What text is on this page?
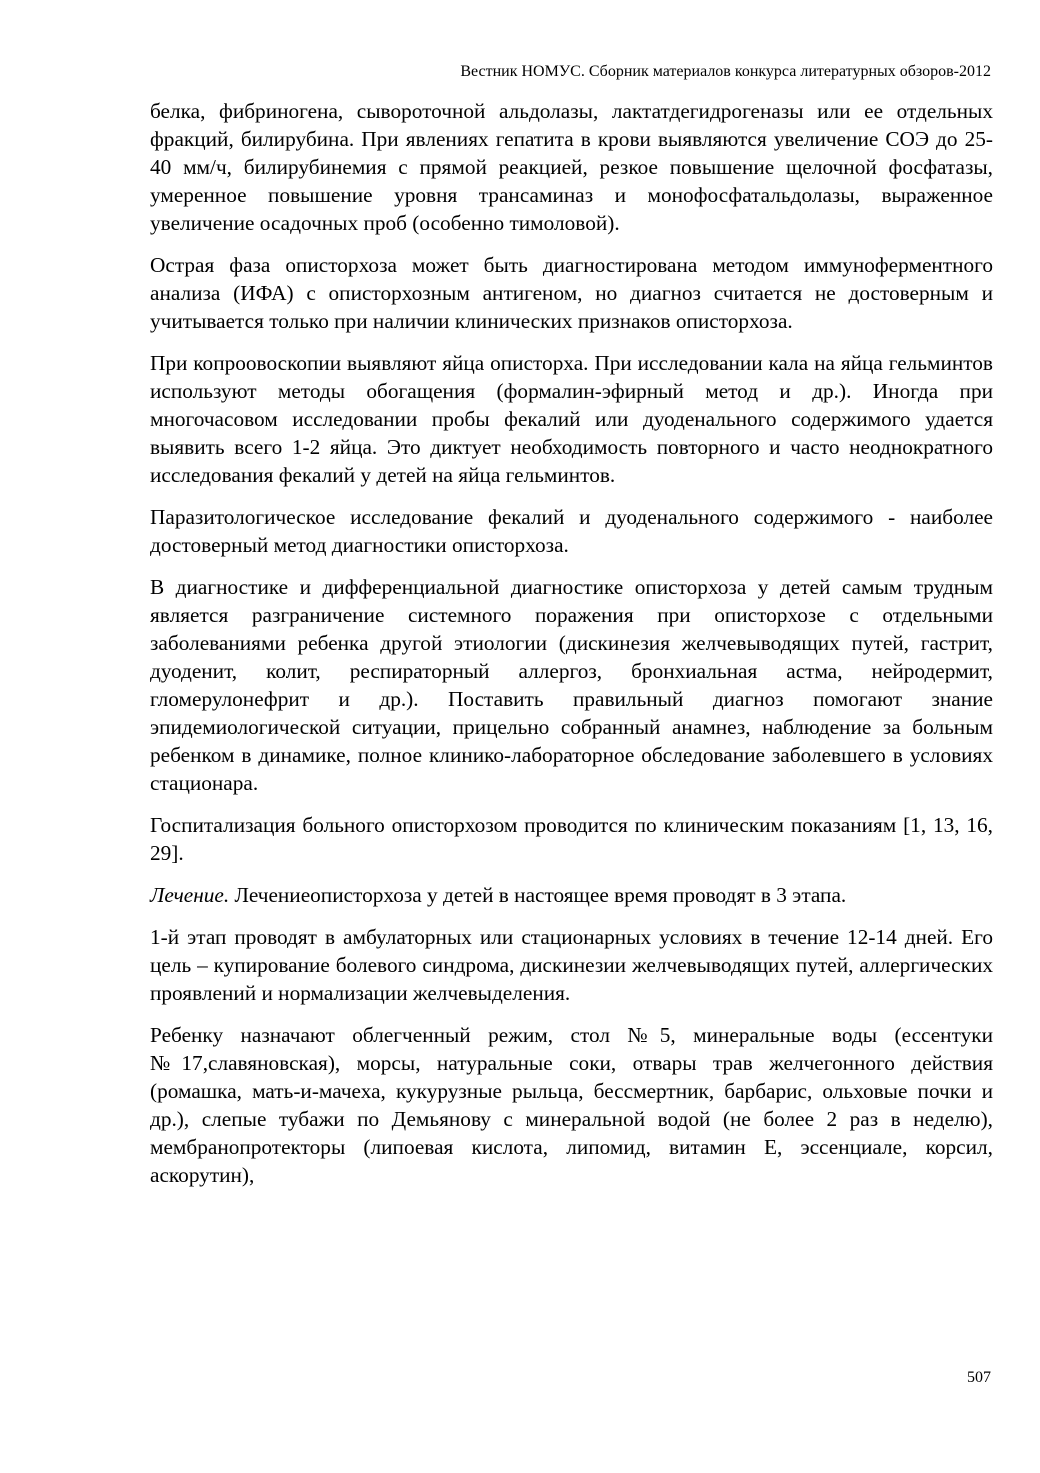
Вестник НОМУС. Сборник материалов конкурса литературных обзоров-2012

белка, фибриногена, сывороточной альдолазы, лактатдегидрогеназы или ее отдельных фракций, билирубина. При явлениях гепатита в крови выявляются увеличение СОЭ до 25-40 мм/ч, билирубинемия с прямой реакцией, резкое повышение щелочной фосфатазы, умеренное повышение уровня трансаминаз и монофосфатальдолазы, выраженное увеличение осадочных проб (особенно тимоловой).

Острая фаза описторхоза может быть диагностирована методом иммуноферментного анализа (ИФА) с описторхозным антигеном, но диагноз считается не достоверным и учитывается только при наличии клинических признаков описторхоза.

При копроовоскопии выявляют яйца описторха. При исследовании кала на яйца гельминтов используют методы обогащения (формалин-эфирный метод и др.). Иногда при многочасовом исследовании пробы фекалий или дуоденального содержимого удается выявить всего 1-2 яйца. Это диктует необходимость повторного и часто неоднократного исследования фекалий у детей на яйца гельминтов.

Паразитологическое исследование фекалий и дуоденального содержимого - наиболее достоверный метод диагностики описторхоза.

В диагностике и дифференциальной диагностике описторхоза у детей самым трудным является разграничение системного поражения при описторхозе с отдельными заболеваниями ребенка другой этиологии (дискинезия желчевыводящих путей, гастрит, дуоденит, колит, респираторный аллергоз, бронхиальная астма, нейродермит, гломерулонефрит и др.). Поставить правильный диагноз помогают знание эпидемиологической ситуации, прицельно собранный анамнез, наблюдение за больным ребенком в динамике, полное клинико-лабораторное обследование заболевшего в условиях стационара.

Госпитализация больного описторхозом проводится по клиническим показаниям [1, 13, 16, 29].

Лечение. Лечениеописторхоза у детей в настоящее время проводят в 3 этапа.

1-й этап проводят в амбулаторных или стационарных условиях в течение 12-14 дней. Его цель – купирование болевого синдрома, дискинезии желчевыводящих путей, аллергических проявлений и нормализации желчевыделения.

Ребенку назначают облегченный режим, стол №5, минеральные воды (ессентуки №17,славяновская), морсы, натуральные соки, отвары трав желчегонного действия (ромашка, мать-и-мачеха, кукурузные рыльца, бессмертник, барбарис, ольховые почки и др.), слепые тубажи по Демьянову с минеральной водой (не более 2 раз в неделю), мембранопротекторы (липоевая кислота, липомид, витамин Е, эссенциале, корсил, аскорутин),

507
